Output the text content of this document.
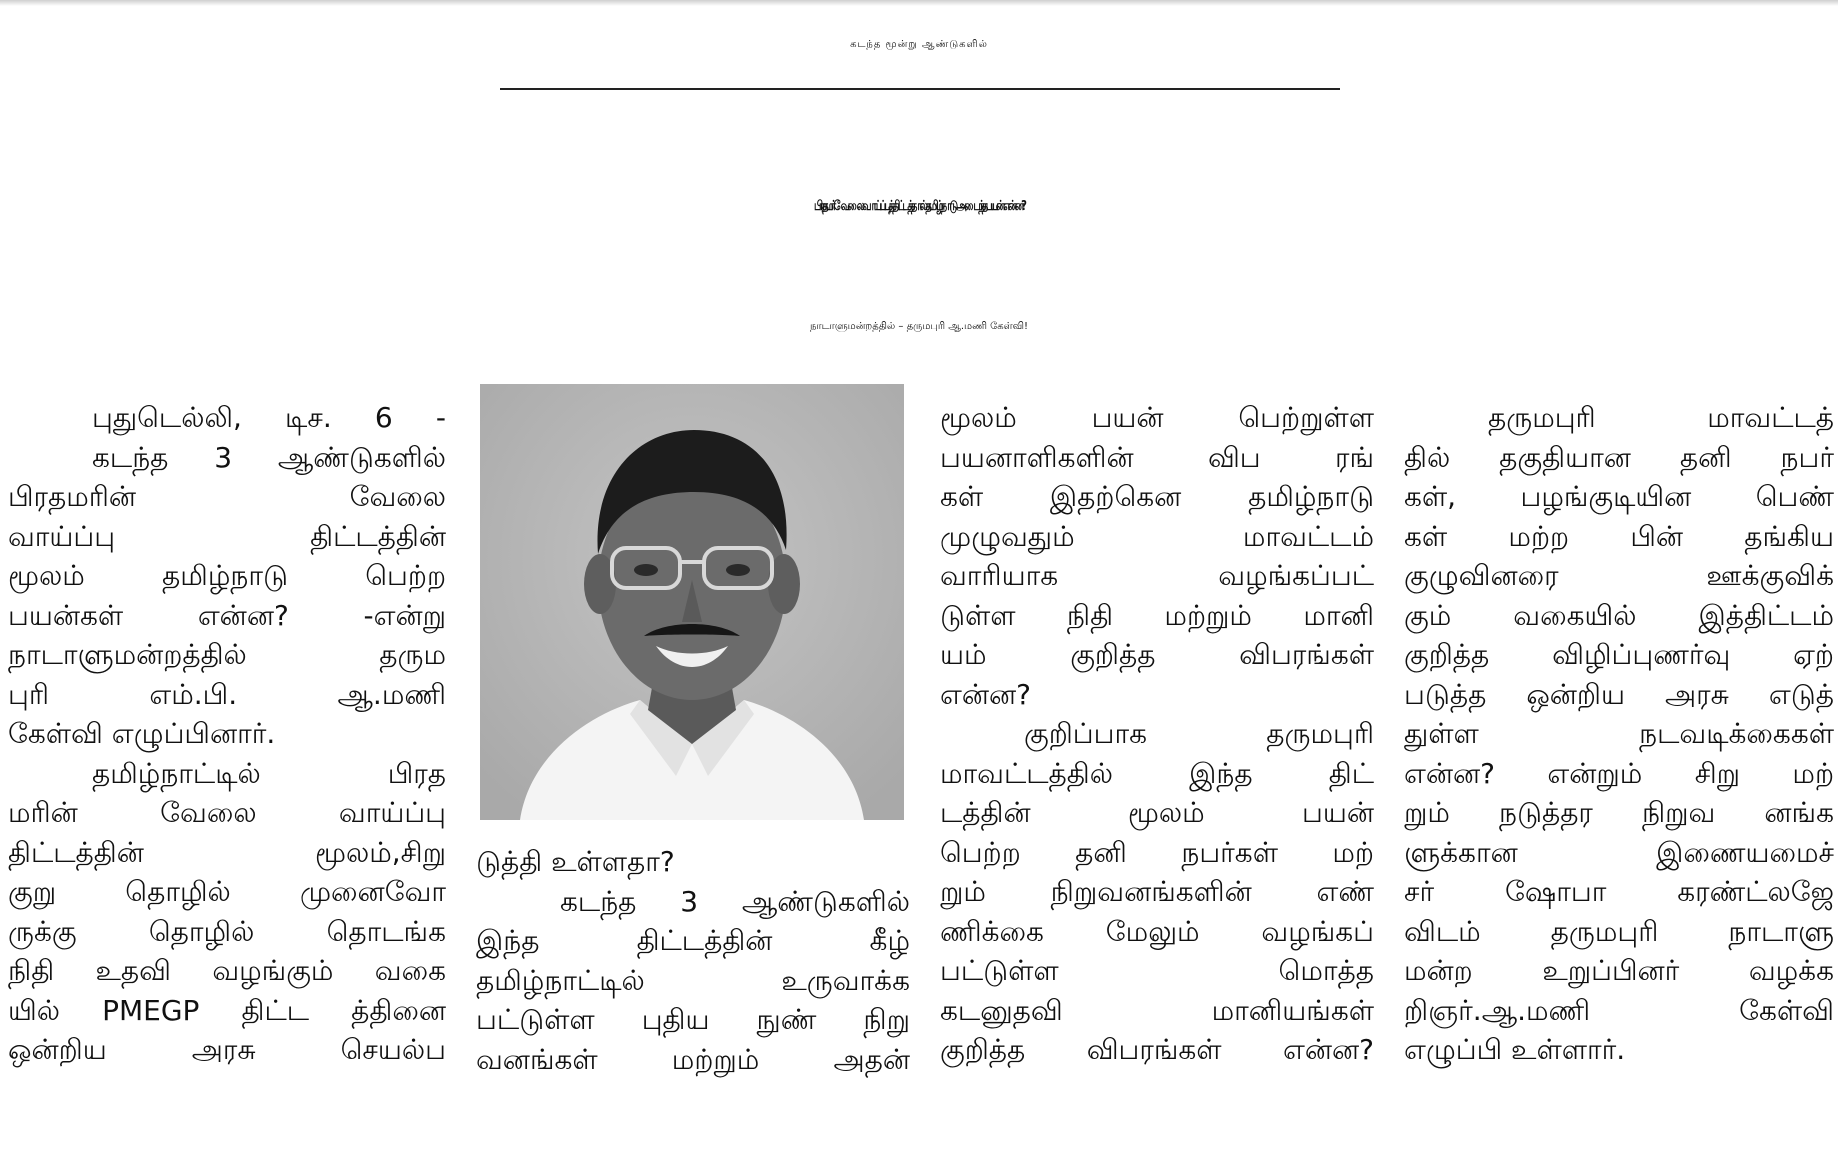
கடந்த மூன்று ஆண்டுகளில்
பிரதமர் வேலைவாய்ப்புத் திட்டத்தால் தமிழ்நாடு அடைந்த பயன் என்ன?
நாடாளுமன்றத்தில் – தருமபுரி ஆ.மணி கேள்வி!
புதுடெல்லி, டிச. 6 -
கடந்த 3 ஆண்டுகளில்
பிரதமரின் வேலை
வாய்ப்பு திட்டத்தின்
மூலம் தமிழ்நாடு பெற்ற
பயன்கள் என்ன? -என்று
நாடாளுமன்றத்தில் தரும
புரி எம்.பி. ஆ.மணி
கேள்வி எழுப்பினார்.
தமிழ்நாட்டில் பிரத
மரின் வேலை வாய்ப்பு
திட்டத்தின் மூலம்,சிறு
குறு தொழில் முனைவோ
ருக்கு தொழில் தொடங்க
நிதி உதவி வழங்கும் வகை
யில் PMEGP திட்ட த்தினை
ஒன்றிய அரசு செயல்ப
டுத்தி உள்ளதா?
கடந்த 3 ஆண்டுகளில்
இந்த திட்டத்தின் கீழ்
தமிழ்நாட்டில் உருவாக்க
பட்டுள்ள புதிய நுண் நிறு
வனங்கள் மற்றும் அதன்
மூலம் பயன் பெற்றுள்ள
பயனாளிகளின் விப ரங்
கள் இதற்கென தமிழ்நாடு
முழுவதும் மாவட்டம்
வாரியாக வழங்கப்பட்
டுள்ள நிதி மற்றும் மானி
யம் குறித்த விபரங்கள்
என்ன?
குறிப்பாக தருமபுரி
மாவட்டத்தில் இந்த திட்
டத்தின் மூலம் பயன்
பெற்ற தனி நபர்கள் மற்
றும் நிறுவனங்களின் எண்
ணிக்கை மேலும் வழங்கப்
பட்டுள்ள மொத்த
கடனுதவி மானியங்கள்
குறித்த விபரங்கள் என்ன?
தருமபுரி மாவட்டத்
தில் தகுதியான தனி நபர்
கள், பழங்குடியின பெண்
கள் மற்ற பின் தங்கிய
குழுவினரை ஊக்குவிக்
கும் வகையில் இத்திட்டம்
குறித்த விழிப்புணர்வு ஏற்
படுத்த ஒன்றிய அரசு எடுத்
துள்ள நடவடிக்கைகள்
என்ன? என்றும் சிறு மற்
றும் நடுத்தர நிறுவ னங்க
ளுக்கான இணையமைச்
சர் ஷோபா கரண்ட்லஜே
விடம் தருமபுரி நாடாளு
மன்ற உறுப்பினர் வழக்க
றிஞர்.ஆ.மணி கேள்வி
எழுப்பி உள்ளார்.
